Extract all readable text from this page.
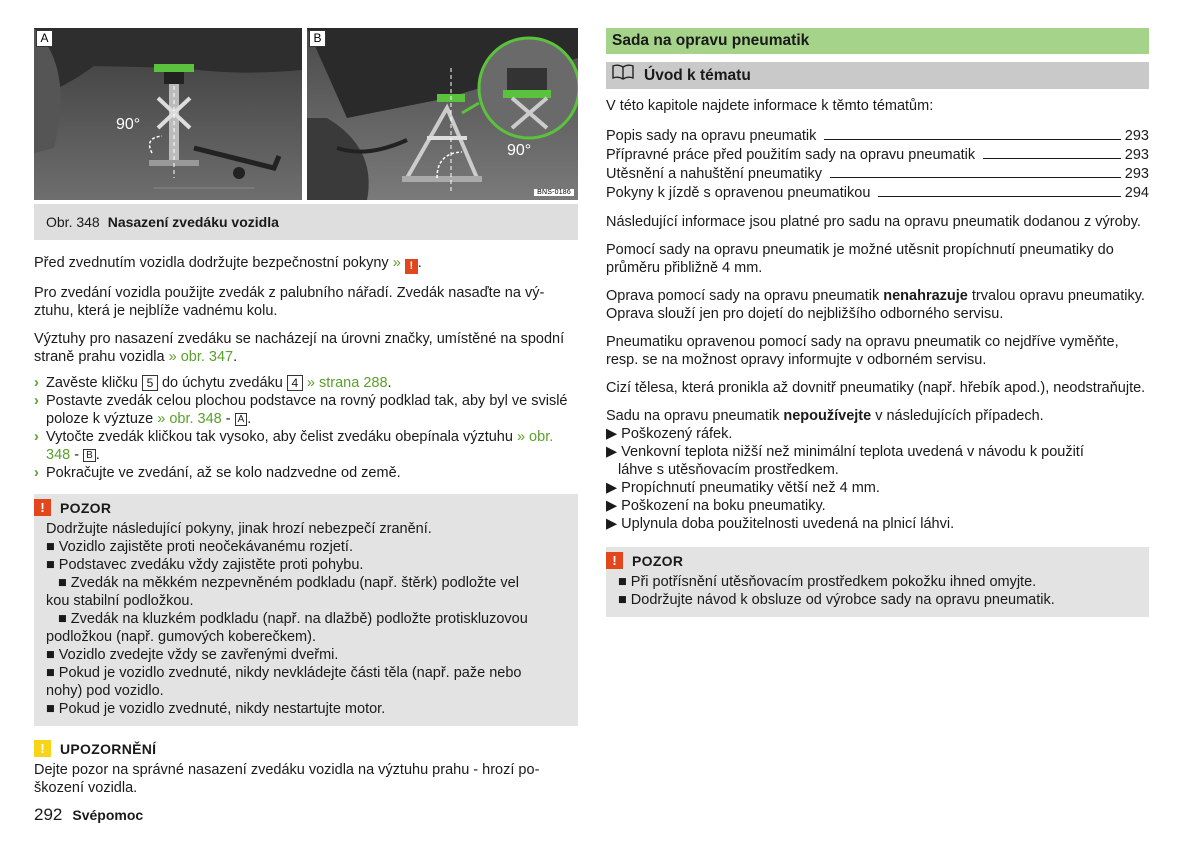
90°
A
90°
B
BNS-0186
Obr. 348 Nasazení zvedáku vozidla

Před zvednutím vozidla dodržujte bezpečnostní pokyny » ! .

Pro zvedání vozidla použijte zvedák z palubního nářadí. Zvedák nasaďte na výztuhu, která je nejblíže vadnému kolu.

Výztuhy pro nasazení zvedáku se nacházejí na úrovni značky, umístěné na spodní straně prahu vozidla » obr. 347.

› Zavěste kličku 5 do úchytu zvedáku 4 » strana 288.
› Postavte zvedák celou plochou podstavce na rovný podklad tak, aby byl ve svislé poloze k výztuze » obr. 348 - A .
› Vytočte zvedák kličkou tak vysoko, aby čelist zvedáku obepínala výztuhu » obr. 348 - B .
› Pokračujte ve zvedání, až se kolo nadzvedne od země.
!	POZOR
Dodržujte následující pokyny, jinak hrozí nebezpečí zranění.
■ Vozidlo zajistěte proti neočekávanému rozjetí.
■ Podstavec zvedáku vždy zajistěte proti pohybu.
■ Zvedák na měkkém nezpevněném podkladu (např. štěrk) podložte vel
kou stabilní podložkou.
■ Zvedák na kluzkém podkladu (např. na dlažbě) podložte protiskluzovou
podložkou (např. gumových koberečkem).
■ Vozidlo zvedejte vždy se zavřenými dveřmi.
■ Pokud je vozidlo zvednuté, nikdy nevkládejte části těla (např. paže nebo
nohy) pod vozidlo.
■ Pokud je vozidlo zvednuté, nikdy nestartujte motor.
!	UPOZORNĚNÍ
Dejte pozor na správné nasazení zvedáku vozidla na výztuhu prahu - hrozí poškození vozidla.
292 Svépomoc
Sada na opravu pneumatik
Úvod k tématu

V této kapitole najdete informace k těmto tématům:

Popis sady na opravu pneumatik	293
Přípravné práce před použitím sady na opravu pneumatik	293
Utěsnění a nahuštění pneumatiky	293
Pokyny k jízdě s opravenou pneumatikou	294

Následující informace jsou platné pro sadu na opravu pneumatik dodanou z výroby.

Pomocí sady na opravu pneumatik je možné utěsnit propíchnutí pneumatiky do průměru přibližně 4 mm.

Oprava pomocí sady na opravu pneumatik nenahrazuje trvalou opravu pneumatiky. Oprava slouží jen pro dojetí do nejbližšího odborného servisu.

Pneumatiku opravenou pomocí sady na opravu pneumatik co nejdříve vyměňte, resp. se na možnost opravy informujte v odborném servisu.

Cizí tělesa, která pronikla až dovnitř pneumatiky (např. hřebík apod.), neodstraňujte.

Sadu na opravu pneumatik nepoužívejte v následujících případech.

▶ Poškozený ráfek.
▶ Venkovní teplota nižší než minimální teplota uvedená v návodu k použití
láhve s utěsňovacím prostředkem.
▶ Propíchnutí pneumatiky větší než 4 mm.
▶ Poškození na boku pneumatiky.
▶ Uplynula doba použitelnosti uvedená na plnicí láhvi.
!	POZOR
■ Při potřísnění utěsňovacím prostředkem pokožku ihned omyjte.
■ Dodržujte návod k obsluze od výrobce sady na opravu pneumatik.
